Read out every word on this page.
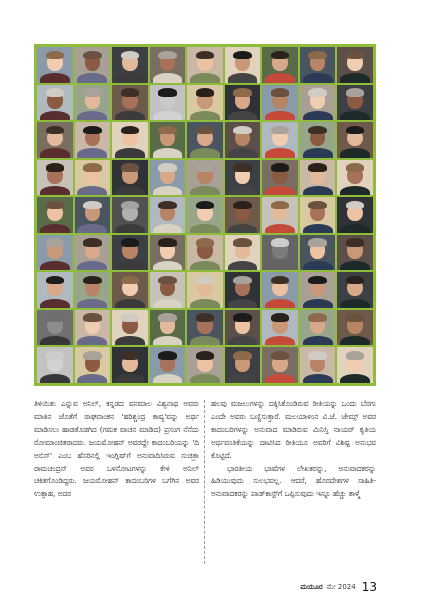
ತಿಳಿಯಿತು ಎನ್ನುವ ಅನಿಲ್, ಕನ್ನಡದ ವನಮಾಲ ವಿಶ್ವನಾಥ ಅವರು ಮಾತಿನ ಜೊತೆಗೆ ರಾಘವಾಂಕನ 'ಹರಿಶ್ಚಂದ್ರ ಕಾವ್ಯ'ವನ್ನು ಅರ್ಥ ಮಾಡಿಸಲು ಹಾಡತೊಡಗಿದ (ಗಮಕ ವಾಚನ ಮಾಡಿದ) ಪ್ರಸಂಗ ನೆನೆದು ರೋಮಾಂಚಿತರಾದರು. ಜಯಮೋಹನ್ ಅವರದ್ದೇ ಕಾದಂಬರಿಯನ್ನು 'ದಿ ಅಬಿಸ್' ಎಂಬ ಹೆಸರಿನಲ್ಲಿ ಇಂಗ್ಲಿಷ್‌ಗೆ ಅನುವಾದಿಸಿರುವ ಸುಚಿತ್ರಾ ರಾಮಚಂದ್ರನ್ ಅವರ ಒಳನೋಟಗಳನ್ನು ಕೇಳಿ ಅನಿಲ್ ಚಕಿತಗೊಂಡಿದ್ದರು. ಜಯಮೋಹನ್ ಕಾದಂಬರಿಗಳ ಬಗೆಗಿನ ಅವರ ಉತ್ಸಾಹ, ಅದರ

ಹಲವು ಮಜಲುಗಳನ್ನು ದಕ್ಕಿಸಿಕೊಂಡಿರುವ ರೀತಿಯನ್ನು ಒಂದು ಬೆರಗು ಎಂದೇ ಅವರು ಬಣ್ಣಿಸುತ್ತಾರೆ. ಮಲಯಾಳಂನ ವಿ.ಜೆ. ಜೇಮ್ಸ್ ಅವರ ಕಾದಂಬರಿಗಳನ್ನು ಅನುವಾದ ಮಾಡಿರುವ ಮಿನಿಸ್ತಿ ನಾಯರ್ ಕೃತಿಯ ಅರ್ಥವಂತಿಕೆಯನ್ನು ದಾಟಿಸಿದ ರೀತಿಯೂ ಅವರಿಗೆ ವಿಶಿಷ್ಟ ಅನುಭವ ಕೊಟ್ಟಿದೆ.

ಭಾರತೀಯ ಭಾಷೆಗಳ ಲೇಖಕರನ್ನು, ಅನುವಾದಕರನ್ನು ಹಿಡಿಯುವುದು ಸುಲಭವಲ್ಲ. ಆದರೆ, ಹೊರದೇಶಗಳ ಸಾಹಿತಿ-ಅನುವಾದಕರನ್ನು ಪಾಡ್‌ಕಾಸ್ಟ್‌ಗೆ ಒಪ್ಪಿಸುವುದು ಇನ್ನೂ ಹೆಚ್ಚು ತಾಳ್ಮೆ

ಮಯೂರ ಮೇ 2024 13
